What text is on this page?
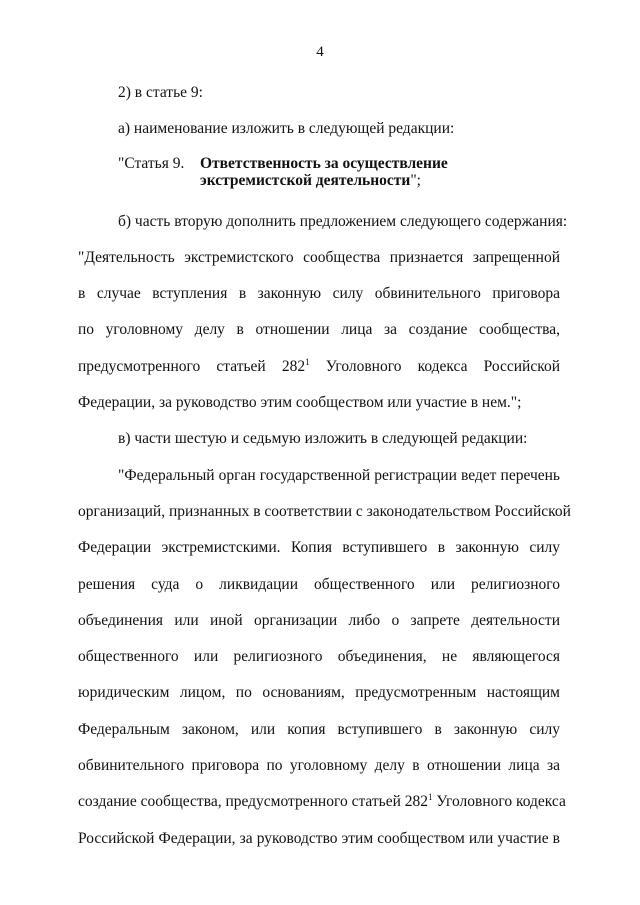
4
2) в статье 9:
а) наименование изложить в следующей редакции:
"Статья 9.	Ответственность за осуществление экстремистской деятельности";
б) часть вторую дополнить предложением следующего содержания:
"Деятельность экстремистского сообщества признается запрещенной
в случае вступления в законную силу обвинительного приговора
по уголовному делу в отношении лица за создание сообщества,
предусмотренного статьей $282^1$ Уголовного кодекса Российской
Федерации, за руководство этим сообществом или участие в нем.";
в) части шестую и седьмую изложить в следующей редакции:
"Федеральный орган государственной регистрации ведет перечень
организаций, признанных в соответствии с законодательством Российской
Федерации экстремистскими. Копия вступившего в законную силу
решения суда о ликвидации общественного или религиозного
объединения или иной организации либо о запрете деятельности
общественного или религиозного объединения, не являющегося
юридическим лицом, по основаниям, предусмотренным настоящим
Федеральным законом, или копия вступившего в законную силу
обвинительного приговора по уголовному делу в отношении лица за
создание сообщества, предусмотренного статьей $282^1$ Уголовного кодекса
Российской Федерации, за руководство этим сообществом или участие в
